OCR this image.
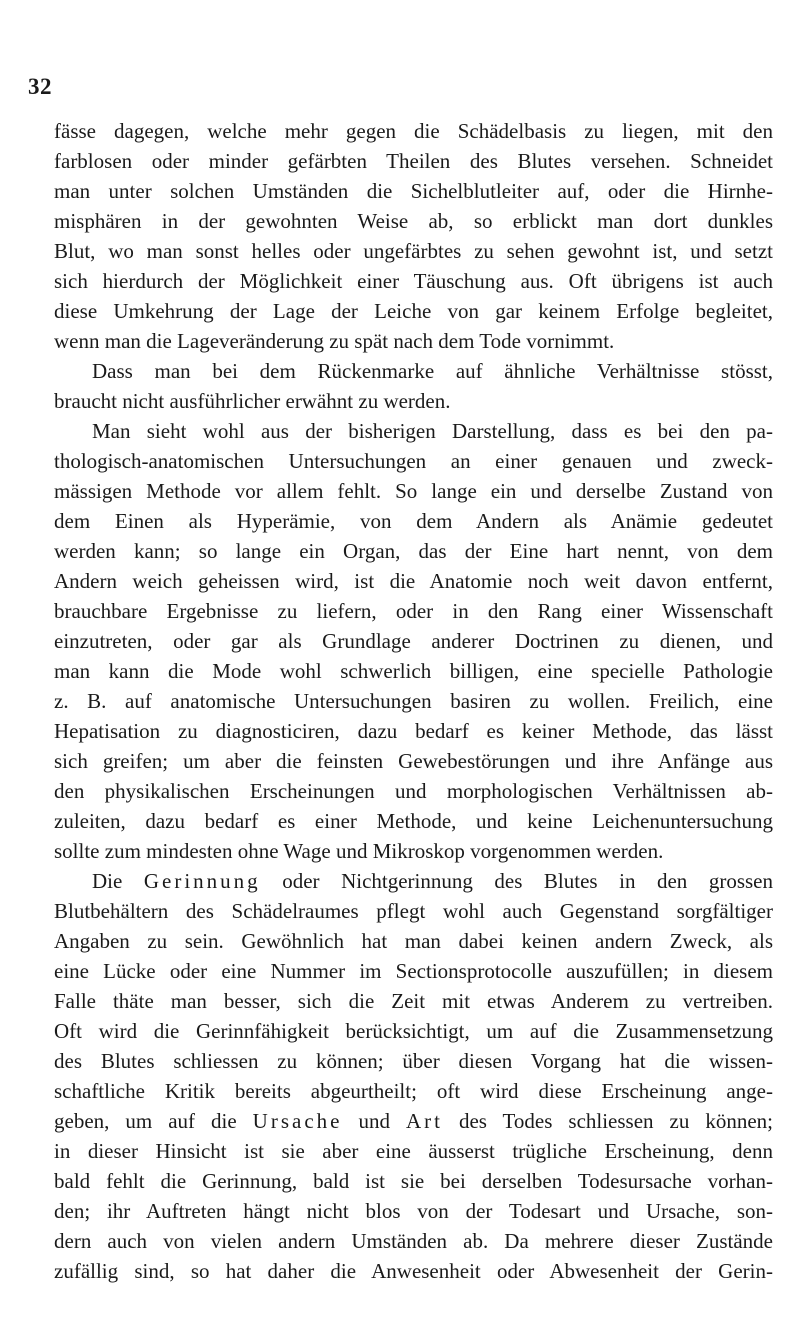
32
fässe dagegen, welche mehr gegen die Schädelbasis zu liegen, mit den
farblosen oder minder gefärbten Theilen des Blutes versehen. Schneidet
man unter solchen Umständen die Sichelblutleiter auf, oder die Hirnhe-
misphären in der gewohnten Weise ab, so erblickt man dort dunkles
Blut, wo man sonst helles oder ungefärbtes zu sehen gewohnt ist, und setzt
sich hierdurch der Möglichkeit einer Täuschung aus. Oft übrigens ist auch
diese Umkehrung der Lage der Leiche von gar keinem Erfolge begleitet,
wenn man die Lageveränderung zu spät nach dem Tode vornimmt.
Dass man bei dem Rückenmarke auf ähnliche Verhältnisse stösst,
braucht nicht ausführlicher erwähnt zu werden.
Man sieht wohl aus der bisherigen Darstellung, dass es bei den pa-
thologisch-anatomischen Untersuchungen an einer genauen und zweck-
mässigen Methode vor allem fehlt. So lange ein und derselbe Zustand von
dem Einen als Hyperämie, von dem Andern als Anämie gedeutet
werden kann; so lange ein Organ, das der Eine hart nennt, von dem
Andern weich geheissen wird, ist die Anatomie noch weit davon entfernt,
brauchbare Ergebnisse zu liefern, oder in den Rang einer Wissenschaft
einzutreten, oder gar als Grundlage anderer Doctrinen zu dienen, und
man kann die Mode wohl schwerlich billigen, eine specielle Pathologie
z. B. auf anatomische Untersuchungen basiren zu wollen. Freilich, eine
Hepatisation zu diagnosticiren, dazu bedarf es keiner Methode, das lässt
sich greifen; um aber die feinsten Gewebestörungen und ihre Anfänge aus
den physikalischen Erscheinungen und morphologischen Verhältnissen ab-
zuleiten, dazu bedarf es einer Methode, und keine Leichenuntersuchung
sollte zum mindesten ohne Wage und Mikroskop vorgenommen werden.
Die Gerinnung oder Nichtgerinnung des Blutes in den grossen
Blutbehältern des Schädelraumes pflegt wohl auch Gegenstand sorgfältiger
Angaben zu sein. Gewöhnlich hat man dabei keinen andern Zweck, als
eine Lücke oder eine Nummer im Sectionsprotocolle auszufüllen; in diesem
Falle thäte man besser, sich die Zeit mit etwas Anderem zu vertreiben.
Oft wird die Gerinnfähigkeit berücksichtigt, um auf die Zusammensetzung
des Blutes schliessen zu können; über diesen Vorgang hat die wissen-
schaftliche Kritik bereits abgeurtheilt; oft wird diese Erscheinung ange-
geben, um auf die Ursache und Art des Todes schliessen zu können;
in dieser Hinsicht ist sie aber eine äusserst trügliche Erscheinung, denn
bald fehlt die Gerinnung, bald ist sie bei derselben Todesursache vorhan-
den; ihr Auftreten hängt nicht blos von der Todesart und Ursache, son-
dern auch von vielen andern Umständen ab. Da mehrere dieser Zustände
zufällig sind, so hat daher die Anwesenheit oder Abwesenheit der Gerin-
